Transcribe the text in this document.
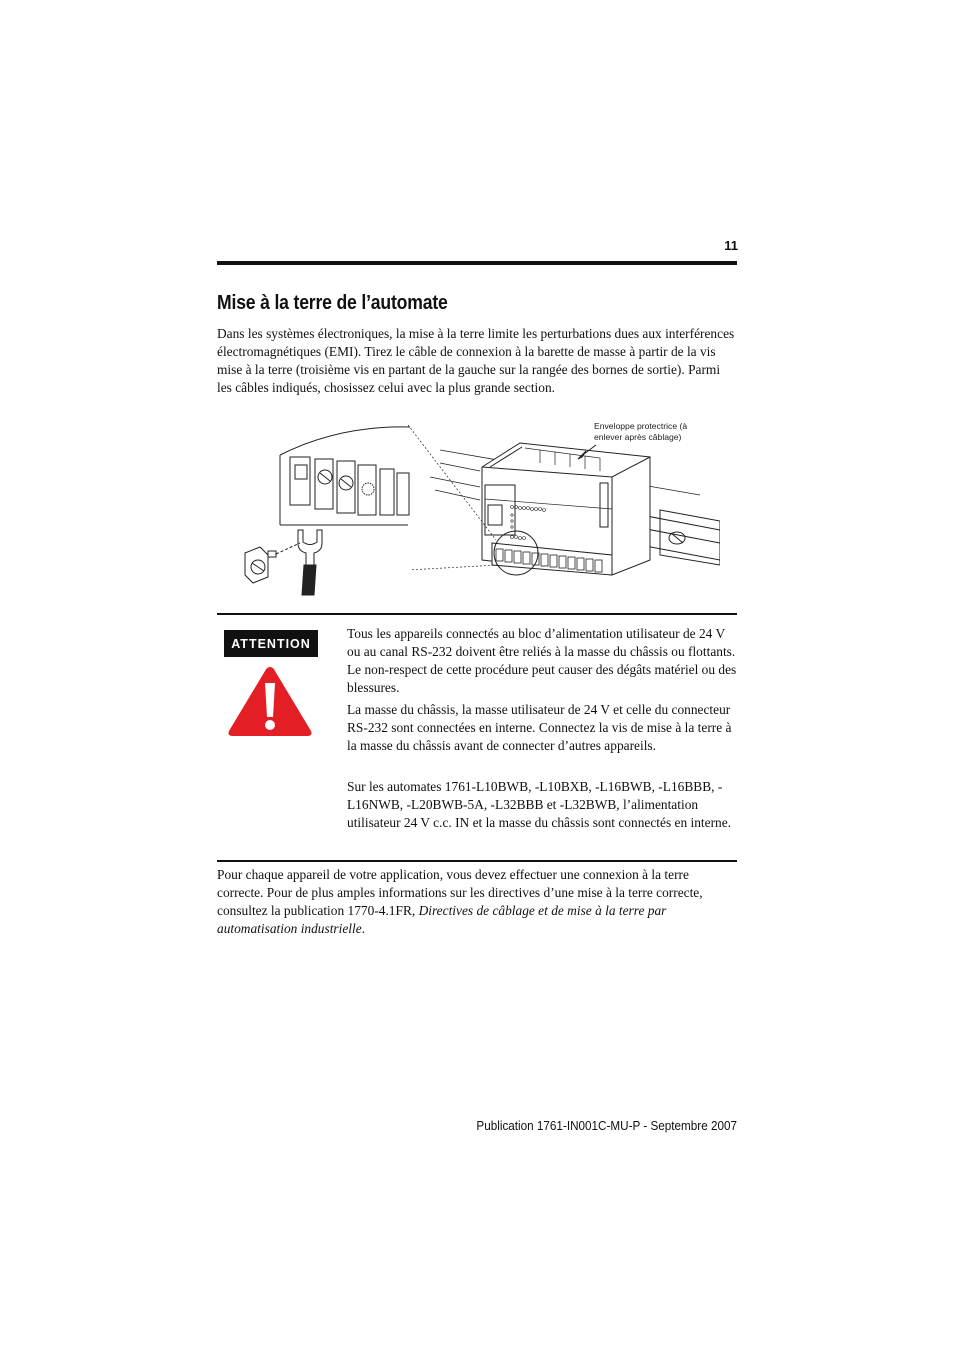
11
Mise à la terre de l’automate

Dans les systèmes électroniques, la mise à la terre limite les perturbations dues aux interférences électromagnétiques (EMI). Tirez le câble de connexion à la barette de masse à partir de la vis mise à la terre (troisième vis en partant de la gauche sur la rangée des bornes de sortie). Parmi les câbles indiqués, chosissez celui avec la plus grande section.

Enveloppe protectrice (à enlever après câblage)
ATTENTION

Tous les appareils connectés au bloc d’alimentation utilisateur de 24 V ou au canal RS-232 doivent être reliés à la masse du châssis ou flottants. Le non-respect de cette procédure peut causer des dégâts matériel ou des blessures.

La masse du châssis, la masse utilisateur de 24 V et celle du connecteur RS-232 sont connectées en interne. Connectez la vis de mise à la terre à la masse du châssis avant de connecter d’autres appareils.

Sur les automates 1761-L10BWB, -L10BXB, -L16BWB, -L16BBB, -L16NWB, -L20BWB-5A, -L32BBB et -L32BWB, l’alimentation utilisateur 24 V c.c. IN et la masse du châssis sont connectés en interne.

Pour chaque appareil de votre application, vous devez effectuer une connexion à la terre correcte. Pour de plus amples informations sur les directives d’une mise à la terre correcte, consultez la publication 1770-4.1FR, Directives de câblage et de mise à la terre par automatisation industrielle.

Publication 1761-IN001C-MU-P - Septembre 2007
